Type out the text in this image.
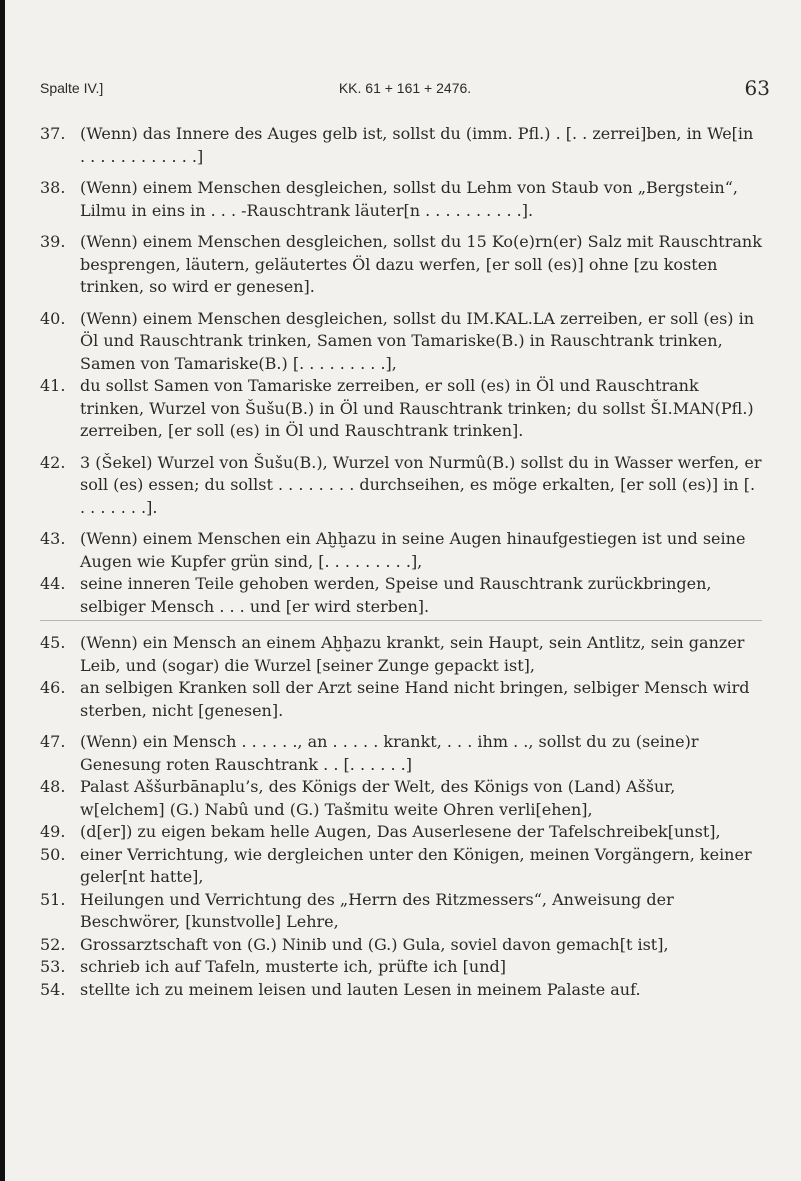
Spalte IV.]	KK. 61 + 161 + 2476.	63
37. (Wenn) das Innere des Auges gelb ist, sollst du (imm. Pfl.) . [. . zerrei]ben, in We[in . . . . . . . . . . . .]
38. (Wenn) einem Menschen desgleichen, sollst du Lehm von Staub von „Bergstein“, Lilmu in eins in . . . -Rauschtrank läuter[n . . . . . . . . . .].
39. (Wenn) einem Menschen desgleichen, sollst du 15 Ko(e)rn(er) Salz mit Rauschtrank besprengen, läutern, geläutertes Öl dazu werfen, [er soll (es)] ohne [zu kosten trinken, so wird er genesen].
40. (Wenn) einem Menschen desgleichen, sollst du IM.KAL.LA zerreiben, er soll (es) in Öl und Rauschtrank trinken, Samen von Tamariske(B.) in Rauschtrank trinken, Samen von Tamariske(B.) [. . . . . . . . .],
41. du sollst Samen von Tamariske zerreiben, er soll (es) in Öl und Rauschtrank trinken, Wurzel von Šušu(B.) in Öl und Rauschtrank trinken; du sollst ŠI.MAN(Pfl.) zerreiben, [er soll (es) in Öl und Rauschtrank trinken].
42. 3 (Šekel) Wurzel von Šušu(B.), Wurzel von Nurmû(B.) sollst du in Wasser werfen, er soll (es) essen; du sollst . . . . . . . . durchseihen, es möge erkalten, [er soll (es)] in [. . . . . . . .].
43. (Wenn) einem Menschen ein Aḫḫazu in seine Augen hinaufgestiegen ist und seine Augen wie Kupfer grün sind, [. . . . . . . . .],
44. seine inneren Teile gehoben werden, Speise und Rauschtrank zurückbringen, selbiger Mensch . . . und [er wird sterben].
45. (Wenn) ein Mensch an einem Aḫḫazu krankt, sein Haupt, sein Antlitz, sein ganzer Leib, und (sogar) die Wurzel [seiner Zunge gepackt ist],
46. an selbigen Kranken soll der Arzt seine Hand nicht bringen, selbiger Mensch wird sterben, nicht [genesen].
47. (Wenn) ein Mensch . . . . . ., an . . . . . krankt, . . . ihm . ., sollst du zu (seine)r Genesung roten Rauschtrank . . [. . . . . .]
48. Palast Aššurbānaplu’s, des Königs der Welt, des Königs von (Land) Aššur, w[elchem] (G.) Nabû und (G.) Tašmitu weite Ohren verli[ehen],
49. (d[er]) zu eigen bekam helle Augen, Das Auserlesene der Tafelschreibek[unst],
50. einer Verrichtung, wie dergleichen unter den Königen, meinen Vorgängern, keiner geler[nt hatte],
51. Heilungen und Verrichtung des „Herrn des Ritzmessers“, Anweisung der Beschwörer, [kunstvolle] Lehre,
52. Grossarztschaft von (G.) Ninib und (G.) Gula, soviel davon gemach[t ist],
53. schrieb ich auf Tafeln, musterte ich, prüfte ich [und]
54. stellte ich zu meinem leisen und lauten Lesen in meinem Palaste auf.
